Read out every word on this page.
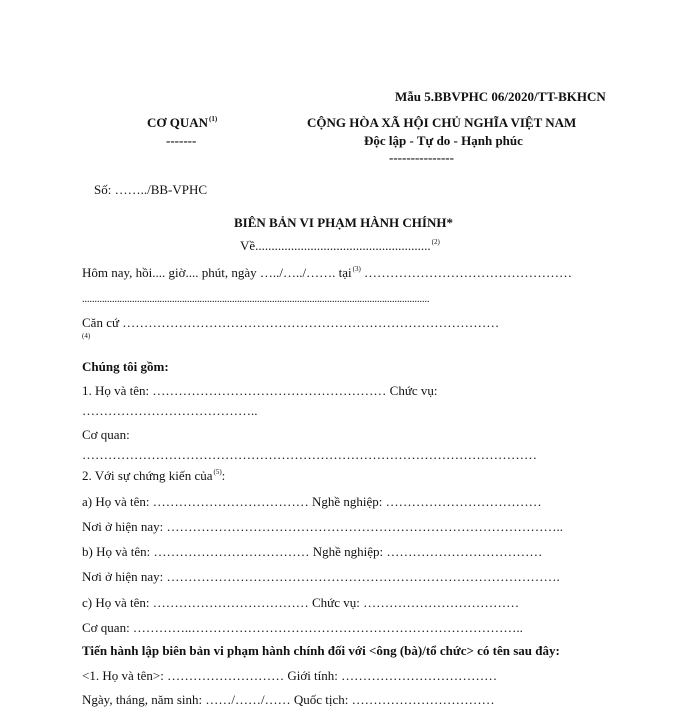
Mẫu 5.BBVPHC 06/2020/TT-BKHCN
CƠ QUAN$^{(1)}$
-------
CỘNG HÒA XÃ HỘI CHỦ NGHĨA VIỆT NAM
Độc lập - Tự do - Hạnh phúc
---------------
Số: ……../BB-VPHC
BIÊN BẢN VI PHẠM HÀNH CHÍNH*
Về......................................................$^{(2)}$
Hôm nay, hồi.... giờ.... phút, ngày …../…../……. tại$^{(3)}$ …………………………………………
...........................................................................................................................................
Căn cứ ……………………………………………………………………………
(4)
Chúng tôi gồm:
1. Họ và tên: ……………………………………………… Chức vụ:
…………………………………..
Cơ quan:
……………………………………………………………………………………………
2. Với sự chứng kiến của$^{(5)}$:
a) Họ và tên: ……………………………… Nghề nghiệp: ………………………………
Nơi ở hiện nay: ………………………………………………………………………………..
b) Họ và tên: ……………………………… Nghề nghiệp: ………………………………
Nơi ở hiện nay: ……………………………………………………………………………….
c) Họ và tên: ……………………………… Chức vụ: ………………………………
Cơ quan: …………..…………………………………………………………………..
Tiến hành lập biên bản vi phạm hành chính đối với <ông (bà)/tổ chức> có tên sau đây:
<1. Họ và tên>: ……………………… Giới tính: ………………………………
Ngày, tháng, năm sinh: ……/……/…… Quốc tịch: ……………………………
